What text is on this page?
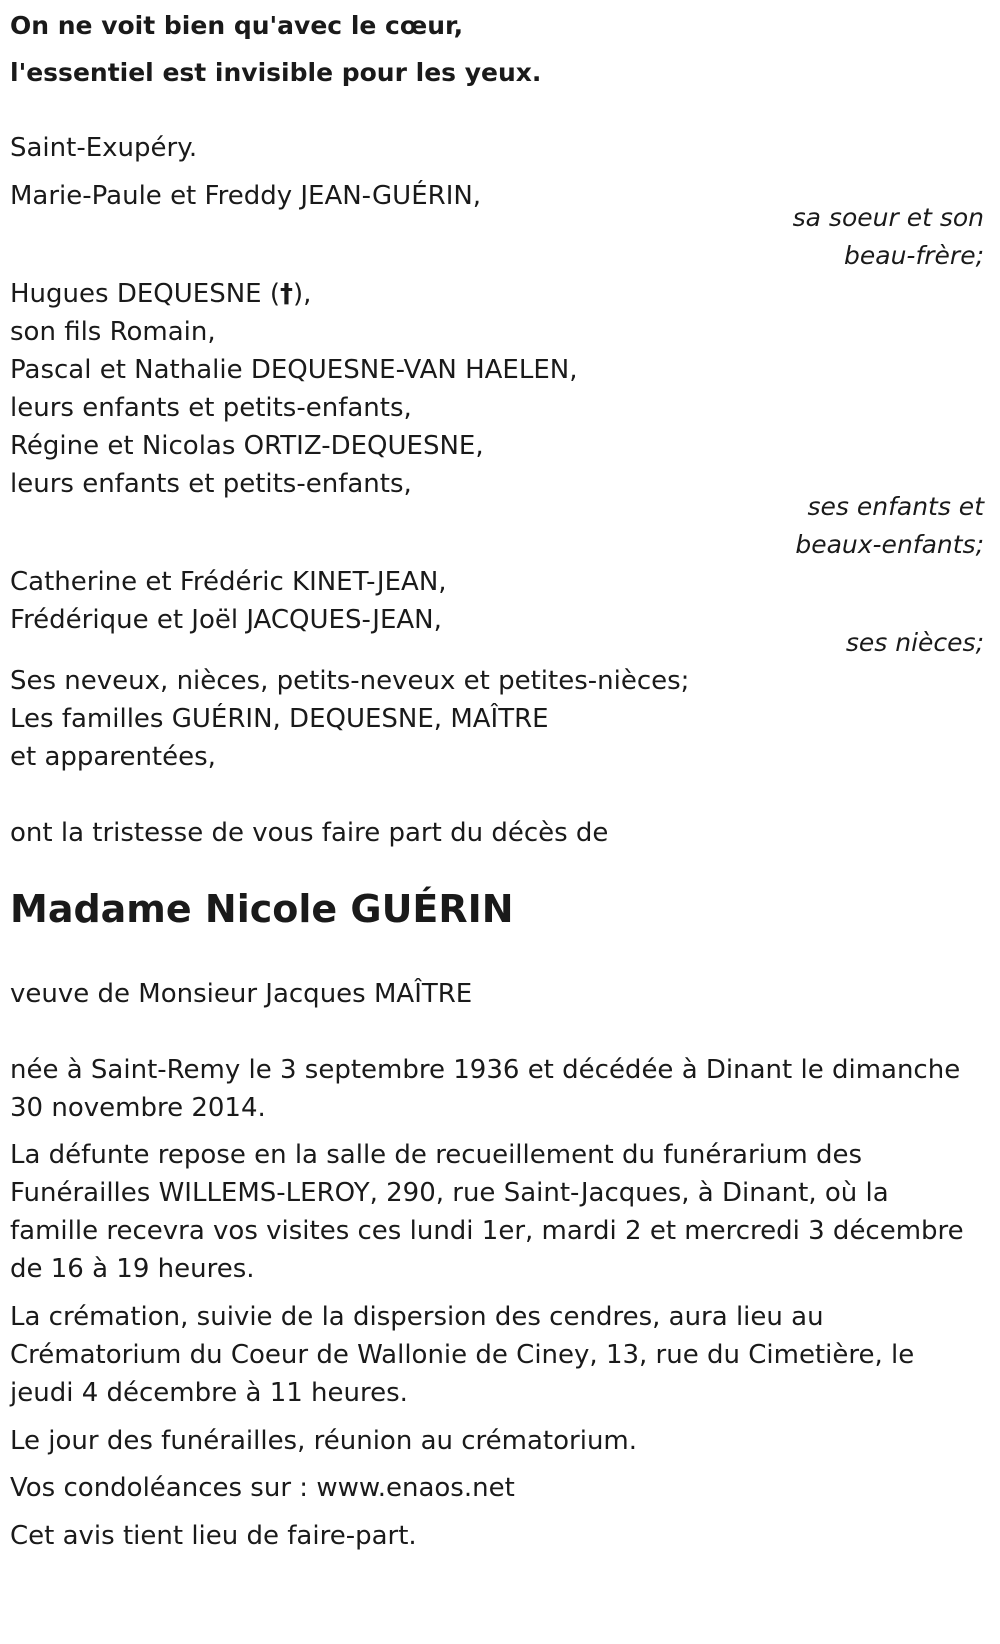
On ne voit bien qu'avec le cœur,
l'essentiel est invisible pour les yeux.
Saint-Exupéry.
Marie-Paule et Freddy JEAN-GUÉRIN,
sa soeur et son
beau-frère;
Hugues DEQUESNE (†),
son fils Romain,
Pascal et Nathalie DEQUESNE-VAN HAELEN,
leurs enfants et petits-enfants,
Régine et Nicolas ORTIZ-DEQUESNE,
leurs enfants et petits-enfants,
ses enfants et
beaux-enfants;
Catherine et Frédéric KINET-JEAN,
Frédérique et Joël JACQUES-JEAN,
ses nièces;
Ses neveux, nièces, petits-neveux et petites-nièces;
Les familles GUÉRIN, DEQUESNE, MAÎTRE
et apparentées,
ont la tristesse de vous faire part du décès de
Madame Nicole GUÉRIN
veuve de Monsieur Jacques MAÎTRE
née à Saint-Remy le 3 septembre 1936 et décédée à Dinant le dimanche
30 novembre 2014.
La défunte repose en la salle de recueillement du funérarium des
Funérailles WILLEMS-LEROY, 290, rue Saint-Jacques, à Dinant, où la
famille recevra vos visites ces lundi 1er, mardi 2 et mercredi 3 décembre
de 16 à 19 heures.
La crémation, suivie de la dispersion des cendres, aura lieu au
Crématorium du Coeur de Wallonie de Ciney, 13, rue du Cimetière, le
jeudi 4 décembre à 11 heures.
Le jour des funérailles, réunion au crématorium.
Vos condoléances sur : www.enaos.net
Cet avis tient lieu de faire-part.
